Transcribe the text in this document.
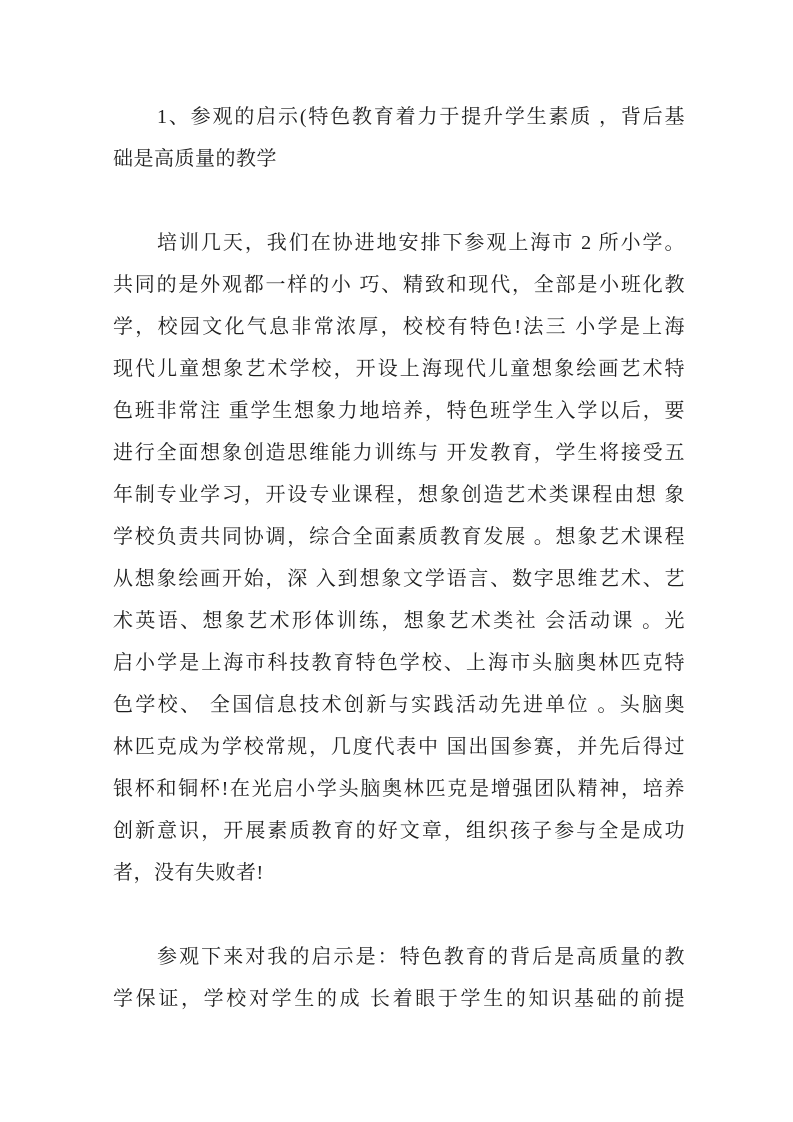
1、参观的启示(特色教育着力于提升学生素质 ，背后基
础是高质量的教学
培训几天，我们在协进地安排下参观上海市 2 所小学。
共同的是外观都一样的小 巧、精致和现代，全部是小班化教
学，校园文化气息非常浓厚，校校有特色!法三 小学是上海
现代儿童想象艺术学校，开设上海现代儿童想象绘画艺术特
色班非常注 重学生想象力地培养，特色班学生入学以后，要
进行全面想象创造思维能力训练与 开发教育，学生将接受五
年制专业学习，开设专业课程，想象创造艺术类课程由想 象
学校负责共同协调，综合全面素质教育发展 。想象艺术课程
从想象绘画开始，深 入到想象文学语言、数字思维艺术、艺
术英语、想象艺术形体训练，想象艺术类社 会活动课 。光
启小学是上海市科技教育特色学校、上海市头脑奥林匹克特
色学校、 全国信息技术创新与实践活动先进单位 。头脑奥
林匹克成为学校常规，几度代表中 国出国参赛，并先后得过
银杯和铜杯!在光启小学头脑奥林匹克是增强团队精神，培养
创新意识，开展素质教育的好文章，组织孩子参与全是成功
者，没有失败者!
参观下来对我的启示是：特色教育的背后是高质量的教
学保证，学校对学生的成 长着眼于学生的知识基础的前提
